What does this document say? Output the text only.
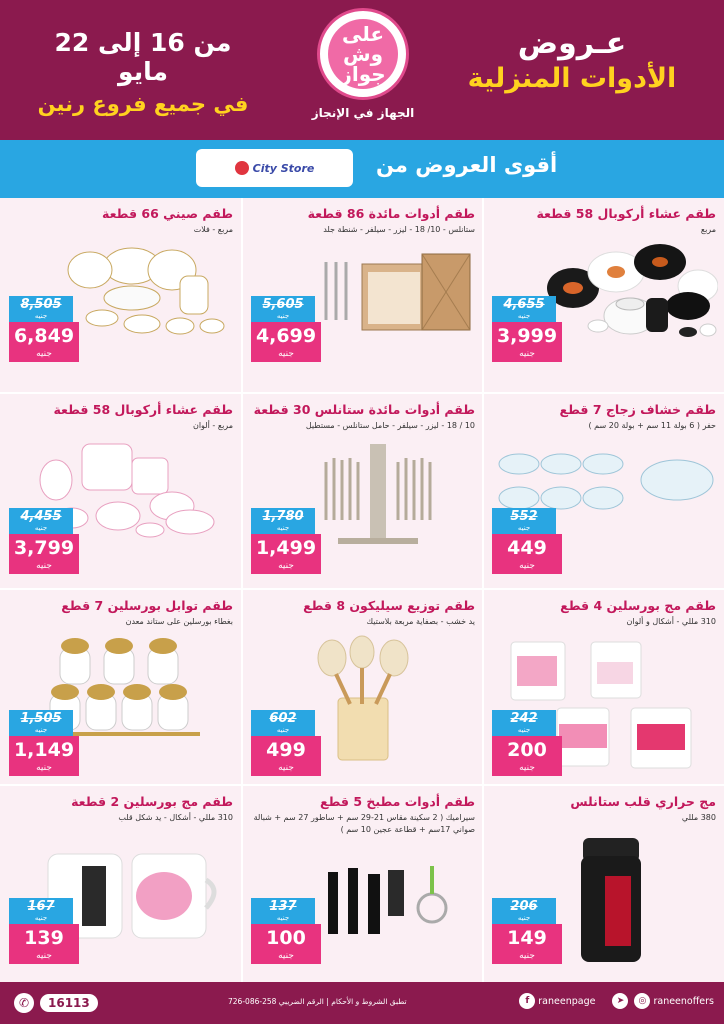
من 16 إلى 22 مايو
في جميع فروع رنين
على وش جواز
الجهاز في الإنجاز
عـروض
الأدوات المنزلية
City Store	أقوى العروض من
طقم عشاء أركوبال 58 قطعة
مربع
4,655
جنيه
3,999
جنيه
طقم أدوات مائدة 86 قطعة
ستانلس - 10/ 18 - ليزر - سيلفر - شنطة جلد
5,605
جنيه
4,699
جنيه
طقم صيني 66 قطعة
مربع - فلات
8,505
جنيه
6,849
جنيه
طقم خشاف زجاج 7 قطع
حفر ( 6 بولة 11 سم + بولة 20 سم )
552
جنيه
449
جنيه
طقم أدوات مائدة ستانلس 30 قطعة
10 / 18 - ليزر - سيلفر - حامل ستانلس - مستطيل
1,780
جنيه
1,499
جنيه
طقم عشاء أركوبال 58 قطعة
مربع - ألوان
4,455
جنيه
3,799
جنيه
طقم مج بورسلين 4 قطع
310 مللي - أشكال و ألوان
242
جنيه
200
جنيه
طقم توزيع سيليكون 8 قطع
يد خشب - بصفاية مربعة بلاستيك
602
جنيه
499
جنيه
طقم توابل بورسلين 7 قطع
بغطاء بورسلين على ستاند معدن
1,505
جنيه
1,149
جنيه
مج حراري قلب ستانلس
380 مللي
206
جنيه
149
جنيه
طقم أدوات مطبخ 5 قطع
سيراميك ( 2 سكينة مقاس 21-29 سم + ساطور 27 سم + شبالة صواني 17سم + قطاعة عجين 10 سم )
137
جنيه
100
جنيه
طقم مج بورسلين 2 قطعة
310 مللي - أشكال - يد شكل قلب
167
جنيه
139
جنيه
✆	16113	تطبق الشروط و الأحكام | الرقم الضريبي 258-086-726	f raneenpage	➤	◎ raneenoffers
